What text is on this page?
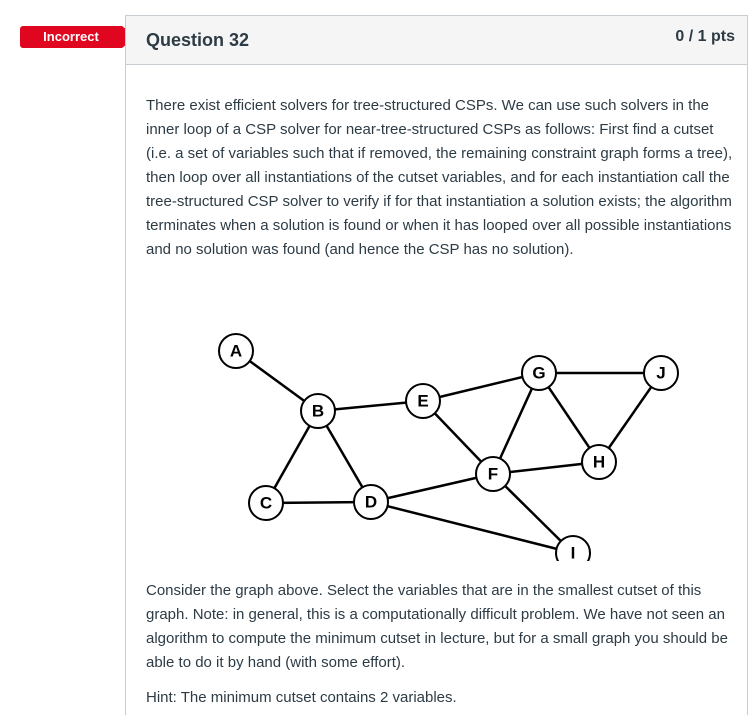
Incorrect	Question 32	0 / 1 pts
There exist efficient solvers for tree-structured CSPs. We can use such solvers in the inner loop of a CSP solver for near-tree-structured CSPs as follows: First find a cutset (i.e. a set of variables such that if removed, the remaining constraint graph forms a tree), then loop over all instantiations of the cutset variables, and for each instantiation call the tree-structured CSP solver to verify if for that instantiation a solution exists; the algorithm terminates when a solution is found or when it has looped over all possible instantiations and no solution was found (and hence the CSP has no solution).
A
B
C	D
E
F
G
H
I
J
Consider the graph above. Select the variables that are in the smallest cutset of this graph. Note: in general, this is a computationally difficult problem. We have not seen an algorithm to compute the minimum cutset in lecture, but for a small graph you should be able to do it by hand (with some effort).
Hint: The minimum cutset contains 2 variables.
